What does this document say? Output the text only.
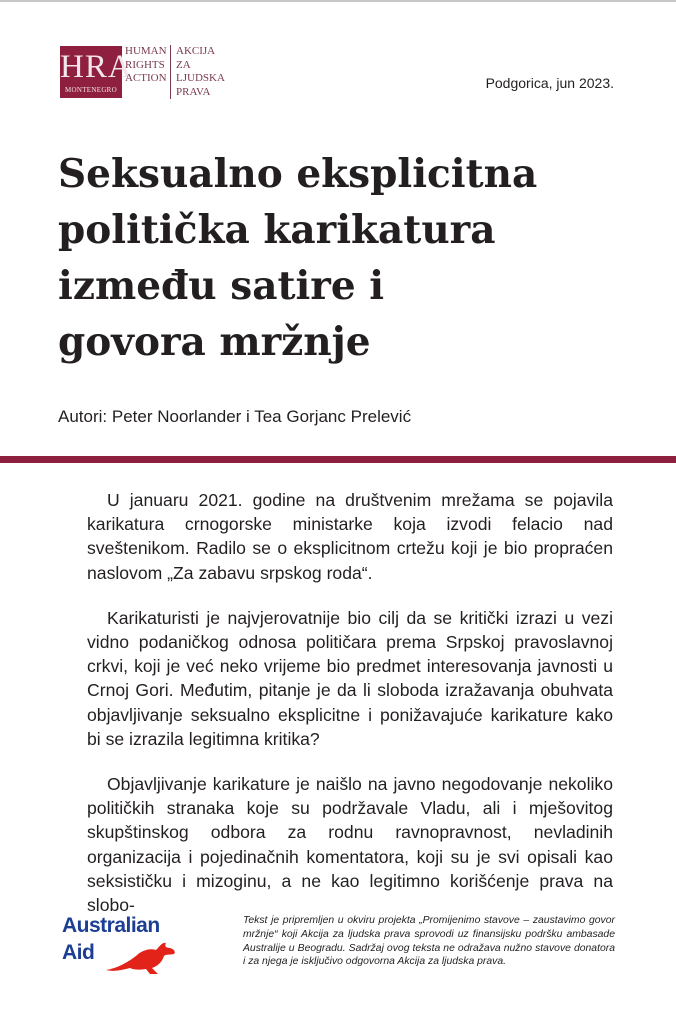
HRA
MONTENEGRO
HUMAN
RIGHTS
ACTION
AKCIJA ZA
LJUDSKA
PRAVA
Podgorica, jun 2023.
Seksualno eksplicitna
politička karikatura
između satire i
govora mržnje
Autori: Peter Noorlander i Tea Gorjanc Prelević

U januaru 2021. godine na društvenim mrežama se pojavila karikatura crnogorske ministarke koja izvodi felacio nad sveštenikom. Radilo se o eksplicitnom crtežu koji je bio propraćen naslovom „Za zabavu srpskog roda“.

Karikaturisti je najvjerovatnije bio cilj da se kritički izrazi u vezi vidno podaničkog odnosa političara prema Srpskoj pravoslavnoj crkvi, koji je već neko vrijeme bio predmet interesovanja javnosti u Crnoj Gori. Međutim, pitanje je da li sloboda izražavanja obuhvata objavljivanje seksualno eksplicitne i ponižavajuće karikature kako bi se izrazila legitimna kritika?

Objavljivanje karikature je naišlo na javno negodovanje nekoliko političkih stranaka koje su podržavale Vladu, ali i mješovitog skupštinskog odbora za rodnu ravnopravnost, nevladinih organizacija i pojedinačnih komentatora, koji su je svi opisali kao seksističku i mizoginu, a ne kao legitimno korišćenje prava na slobo-

Australian
Aid
Tekst je pripremljen u okviru projekta „Promijenimo stavove – zaustavimo govor mržnje“ koji Akcija za ljudska prava sprovodi uz finansijsku podršku ambasade Australije u Beogradu. Sadržaj ovog teksta ne odražava nužno stavove donatora i za njega je isključivo odgovorna Akcija za ljudska prava.
